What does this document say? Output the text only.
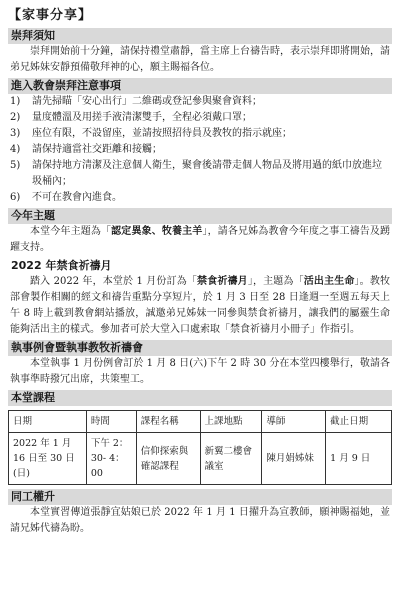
【家事分享】
崇拜須知
崇拜開始前十分鐘，請保持禮堂肅靜，當主席上台禱告時，表示崇拜即將開始，請弟兄姊妹安靜預備敬拜神的心，願主賜福各位。
進入教會崇拜注意事項
1)	請先掃瞄「安心出行」二維碼或登記參與聚會資料；
2)	量度體溫及用搓手液清潔雙手，全程必須戴口罩；
3)	座位有限，不設留座，並請按照招待員及教牧的指示就座；
4)	請保持適當社交距離和接觸；
5)	請保持地方清潔及注意個人衛生，聚會後請帶走個人物品及將用過的紙巾放進垃圾桶內；
6)	不可在教會內進食。
今年主題
本堂今年主題為「認定異象、牧養主羊」，請各兄姊為教會今年度之事工禱告及踴躍支持。
2022 年禁食祈禱月
踏入 2022 年，本堂於 1 月份訂為「禁食祈禱月」，主題為「活出主生命」。教牧部會製作相關的經文和禱告重點分享短片，於 1 月 3 日至 28 日逢週一至週五每天上午 8 時上載到教會網站播放，誠邀弟兄姊妹一同參與禁食祈禱月，讓我們的屬靈生命能夠活出主的樣式。參加者可於大堂入口處索取「禁食祈禱月小冊子」作指引。
執事例會暨執事教牧祈禱會
本堂執事 1 月份例會訂於 1 月 8 日(六)下午 2 時 30 分在本堂四樓舉行，敬請各執事準時撥冗出席，共策聖工。
本堂課程
日期	時間	課程名稱	上課地點	導師	截止日期
2022 年 1 月 16 日至 30 日 (日)	下午 2：30- 4：00	信仰探索與確認課程	新翼二樓會議室	陳月娟姊妹	1 月 9 日
同工權升
本堂實習傳道張靜宜姑娘已於 2022 年 1 月 1 日擢升為宣教師，願神賜福她，並請兄姊代禱為盼。
